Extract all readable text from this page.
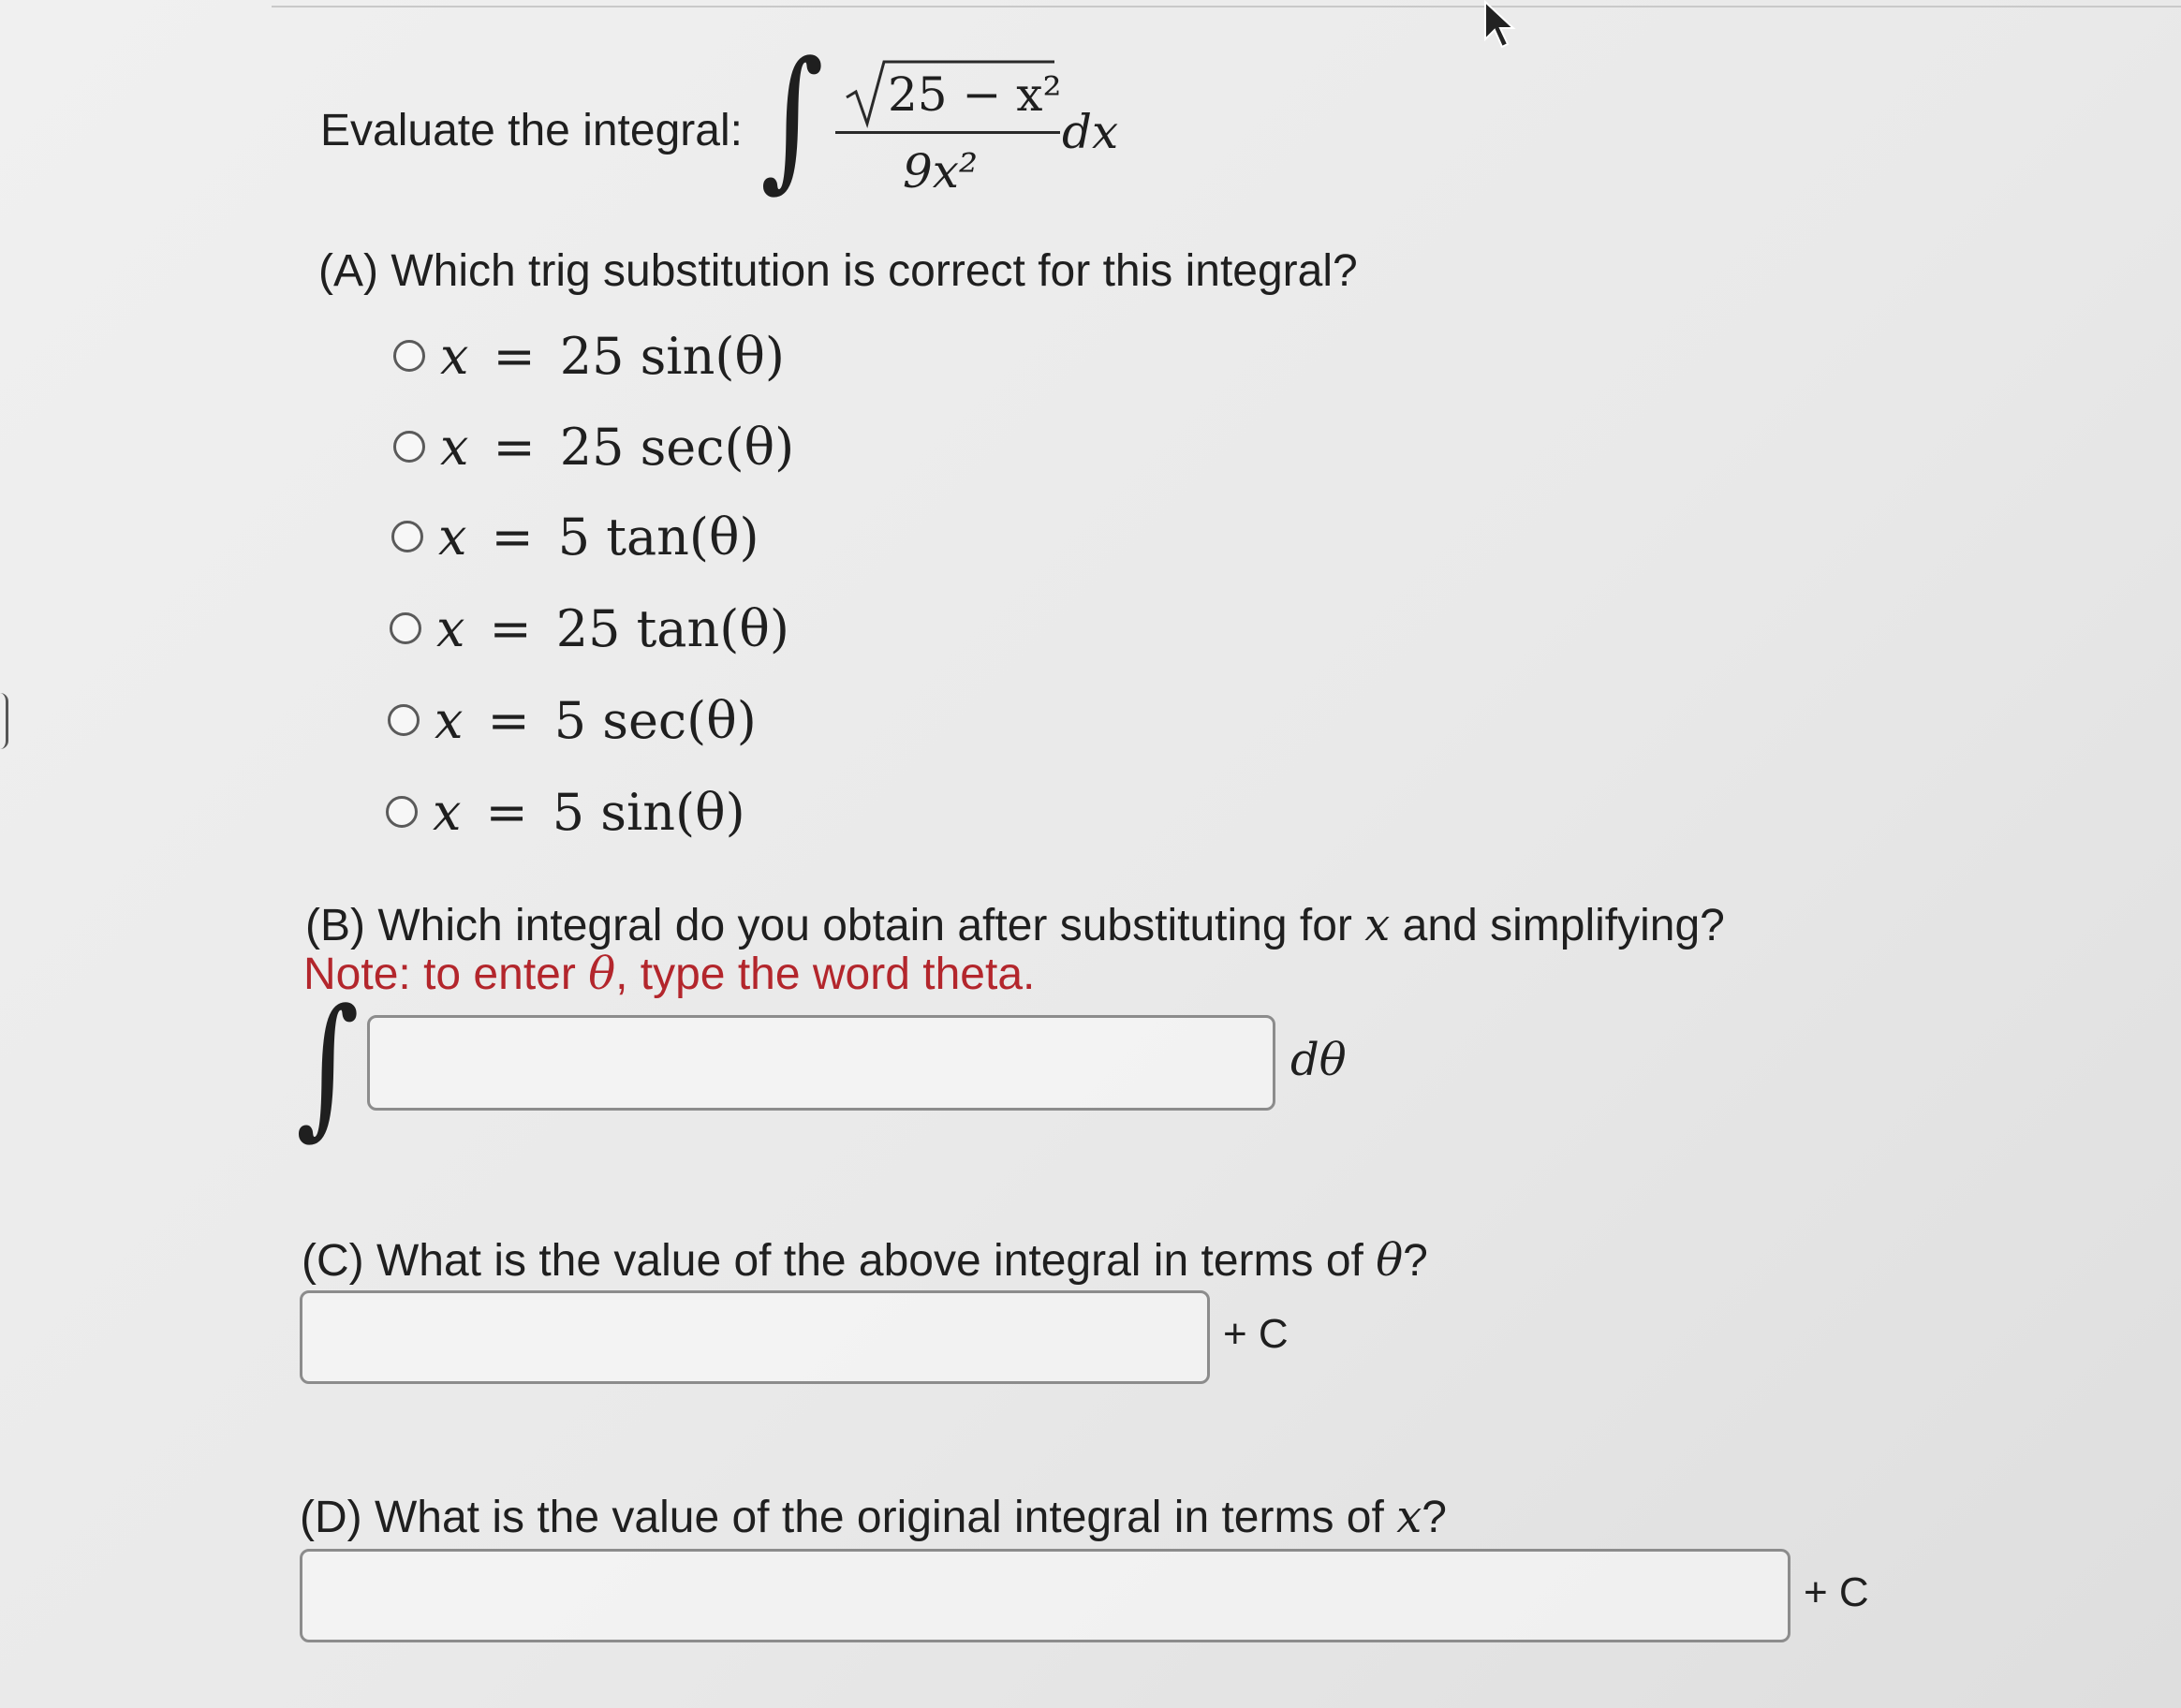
Evaluate the integral: ∫ 25 − x²
9x²
dx
(A) Which trig substitution is correct for this integral?
x = 25 sin(θ)
x = 25 sec(θ)
x = 5 tan(θ)
x = 25 tan(θ)
x = 5 sec(θ)
x = 5 sin(θ)
(B) Which integral do you obtain after substituting for x and simplifying?
Note: to enter θ, type the word theta.
∫	dθ
(C) What is the value of the above integral in terms of θ?
+ C
(D) What is the value of the original integral in terms of x?
+ C
